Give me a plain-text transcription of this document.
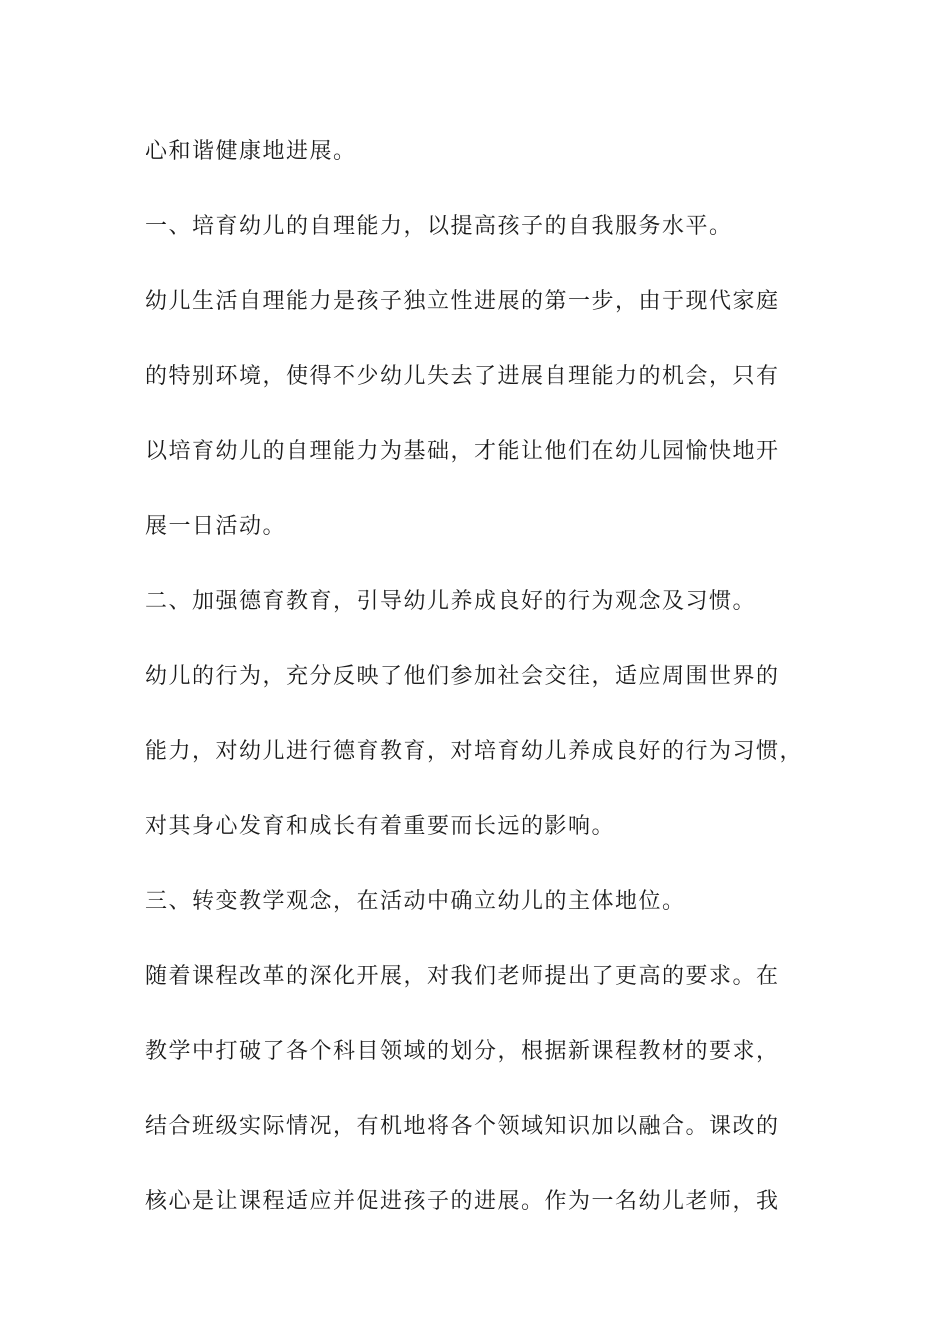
心和谐健康地进展。
一、培育幼儿的自理能力，以提高孩子的自我服务水平。
幼儿生活自理能力是孩子独立性进展的第一步，由于现代家庭
的特别环境，使得不少幼儿失去了进展自理能力的机会，只有
以培育幼儿的自理能力为基础，才能让他们在幼儿园愉快地开
展一日活动。
二、加强德育教育，引导幼儿养成良好的行为观念及习惯。
幼儿的行为，充分反映了他们参加社会交往，适应周围世界的
能力，对幼儿进行德育教育，对培育幼儿养成良好的行为习惯，
对其身心发育和成长有着重要而长远的影响。
三、转变教学观念，在活动中确立幼儿的主体地位。
随着课程改革的深化开展，对我们老师提出了更高的要求。在
教学中打破了各个科目领域的划分，根据新课程教材的要求，
结合班级实际情况，有机地将各个领域知识加以融合。课改的
核心是让课程适应并促进孩子的进展。作为一名幼儿老师，我
